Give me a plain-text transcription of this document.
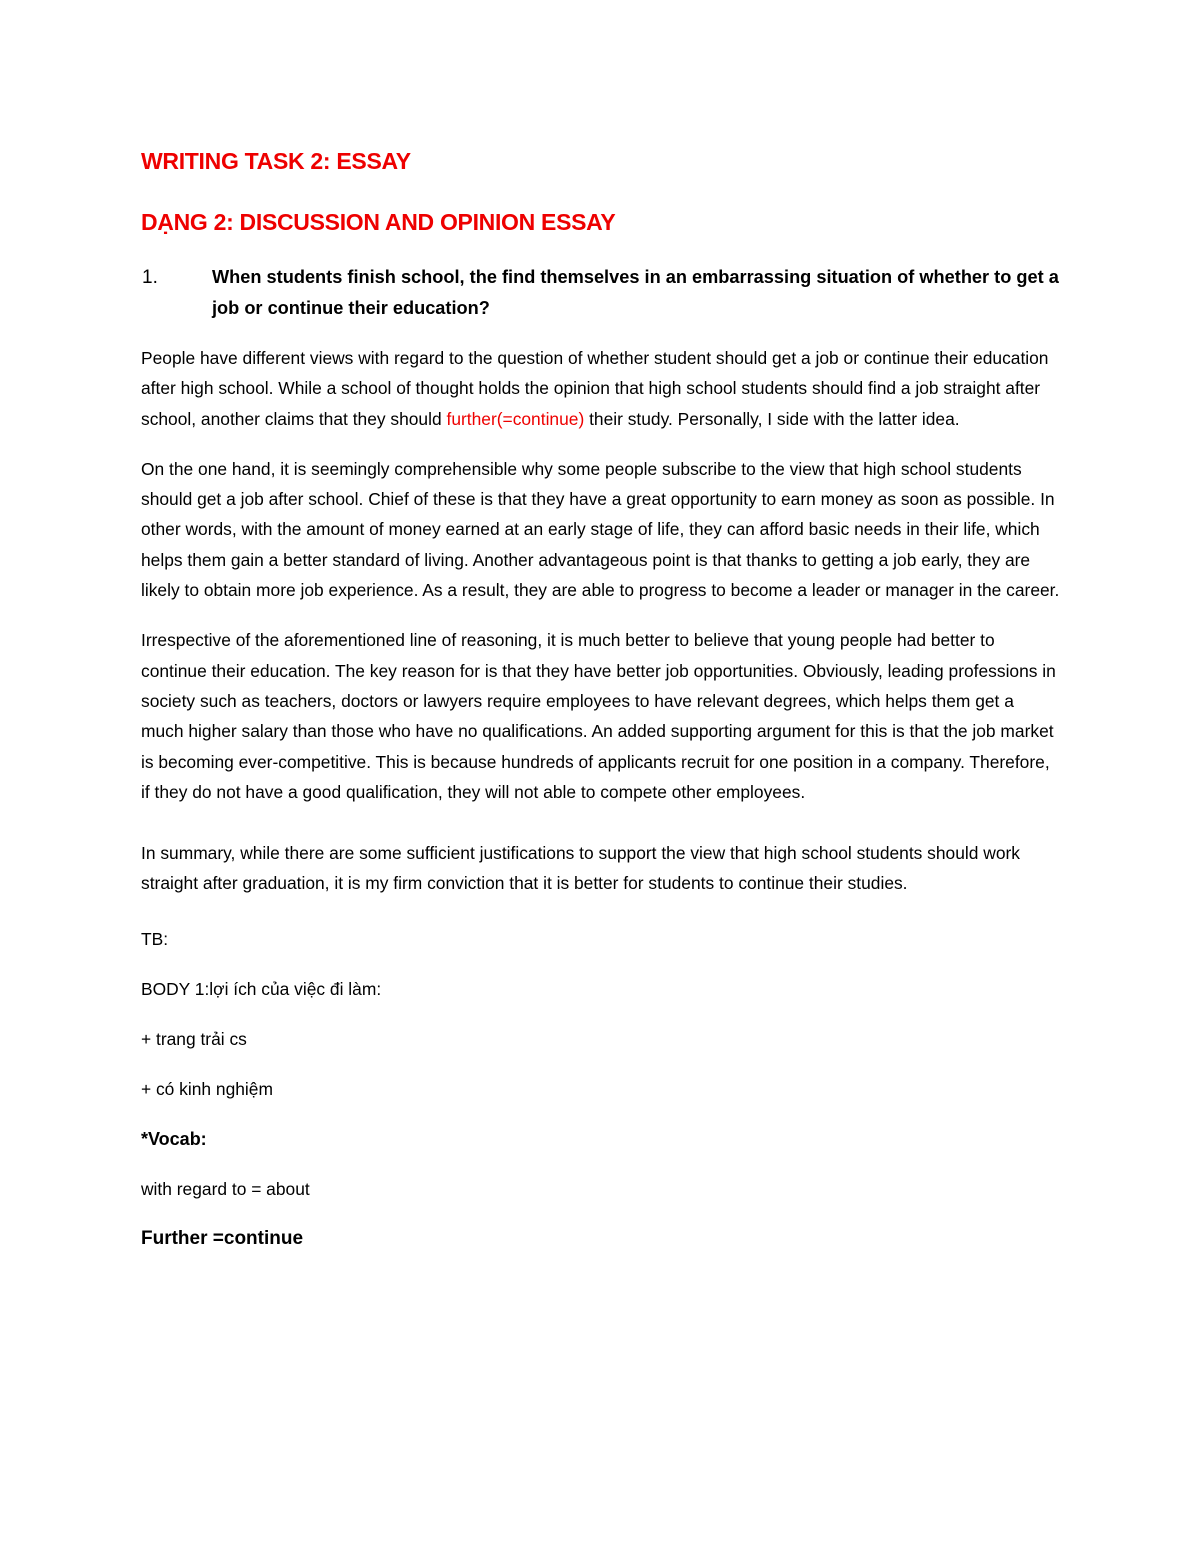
WRITING TASK 2: ESSAY
DẠNG 2: DISCUSSION AND OPINION ESSAY
1.	When students finish school, the find themselves in an embarrassing situation of whether to get a job or continue their education?

People have different views with regard to the question of whether student should get a job or continue their education after high school. While a school of thought holds the opinion that high school students should find a job straight after school, another claims that they should further(=continue) their study. Personally, I side with the latter idea.

On the one hand, it is seemingly comprehensible why some people subscribe to the view that high school students should get a job after school. Chief of these is that they have a great opportunity to earn money as soon as possible. In other words, with the amount of money earned at an early stage of life, they can afford basic needs in their life, which helps them gain a better standard of living. Another advantageous point is that thanks to getting a job early, they are likely to obtain more job experience. As a result, they are able to progress to become a leader or manager in the career.

Irrespective of the aforementioned line of reasoning, it is much better to believe that young people had better to continue their education. The key reason for is that they have better job opportunities. Obviously, leading professions in society such as teachers, doctors or lawyers require employees to have relevant degrees, which helps them get a much higher salary than those who have no qualifications. An added supporting argument for this is that the job market is becoming ever-competitive. This is because hundreds of applicants recruit for one position in a company. Therefore, if they do not have a good qualification, they will not able to compete other employees.

In summary, while there are some sufficient justifications to support the view that high school students should work straight after graduation, it is my firm conviction that it is better for students to continue their studies.

TB:

BODY 1:lợi ích của việc đi làm:

+ trang trải cs

+ có kinh nghiệm

*Vocab:

with regard to = about

Further =continue
